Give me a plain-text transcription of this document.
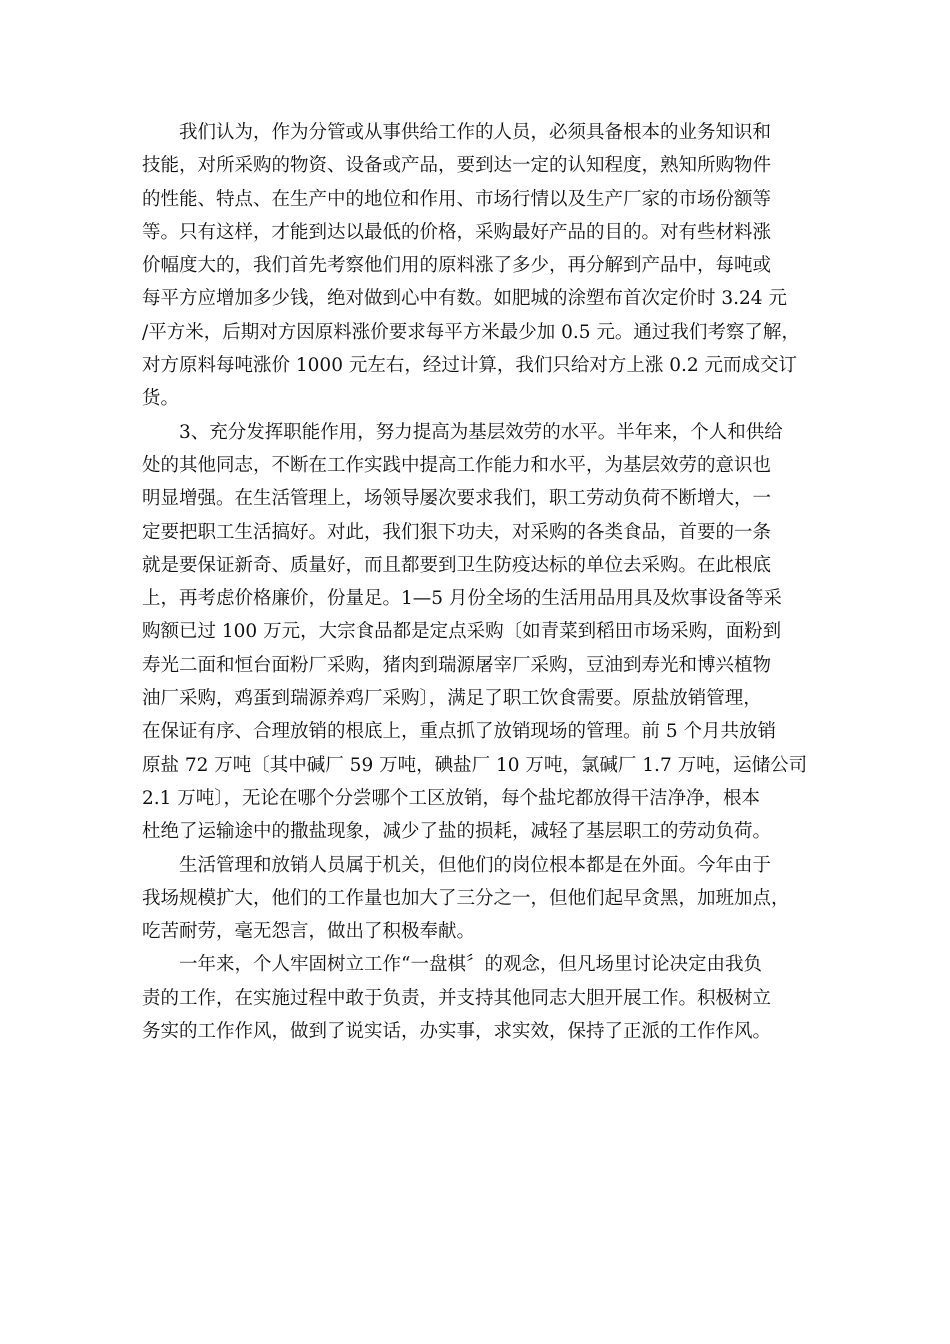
我们认为，作为分管或从事供给工作的人员，必须具备根本的业务知识和
技能，对所采购的物资、设备或产品，要到达一定的认知程度，熟知所购物件
的性能、特点、在生产中的地位和作用、市场行情以及生产厂家的市场份额等
等。只有这样，才能到达以最低的价格，采购最好产品的目的。对有些材料涨
价幅度大的，我们首先考察他们用的原料涨了多少，再分解到产品中，每吨或
每平方应增加多少钱，绝对做到心中有数。如肥城的涂塑布首次定价时 3.24 元
/平方米，后期对方因原料涨价要求每平方米最少加 0.5 元。通过我们考察了解，
对方原料每吨涨价 1000 元左右，经过计算，我们只给对方上涨 0.2 元而成交订
货。
3、充分发挥职能作用，努力提高为基层效劳的水平。半年来，个人和供给
处的其他同志，不断在工作实践中提高工作能力和水平，为基层效劳的意识也
明显增强。在生活管理上，场领导屡次要求我们，职工劳动负荷不断增大，一
定要把职工生活搞好。对此，我们狠下功夫，对采购的各类食品，首要的一条
就是要保证新奇、质量好，而且都要到卫生防疫达标的单位去采购。在此根底
上，再考虑价格廉价，份量足。1—5 月份全场的生活用品用具及炊事设备等采
购额已过 100 万元，大宗食品都是定点采购〔如青菜到稻田市场采购，面粉到
寿光二面和恒台面粉厂采购，猪肉到瑞源屠宰厂采购，豆油到寿光和博兴植物
油厂采购，鸡蛋到瑞源养鸡厂采购〕，满足了职工饮食需要。原盐放销管理，
在保证有序、合理放销的根底上，重点抓了放销现场的管理。前 5 个月共放销
原盐 72 万吨〔其中碱厂 59 万吨，碘盐厂 10 万吨，氯碱厂 1.7 万吨，运储公司
2.1 万吨〕，无论在哪个分尝哪个工区放销，每个盐坨都放得干洁净净，根本
杜绝了运输途中的撒盐现象，减少了盐的损耗，减轻了基层职工的劳动负荷。
生活管理和放销人员属于机关，但他们的岗位根本都是在外面。今年由于
我场规模扩大，他们的工作量也加大了三分之一，但他们起早贪黑，加班加点，
吃苦耐劳，毫无怨言，做出了积极奉献。
一年来，个人牢固树立工作“一盘棋〞的观念，但凡场里讨论决定由我负
责的工作，在实施过程中敢于负责，并支持其他同志大胆开展工作。积极树立
务实的工作作风，做到了说实话，办实事，求实效，保持了正派的工作作风。
